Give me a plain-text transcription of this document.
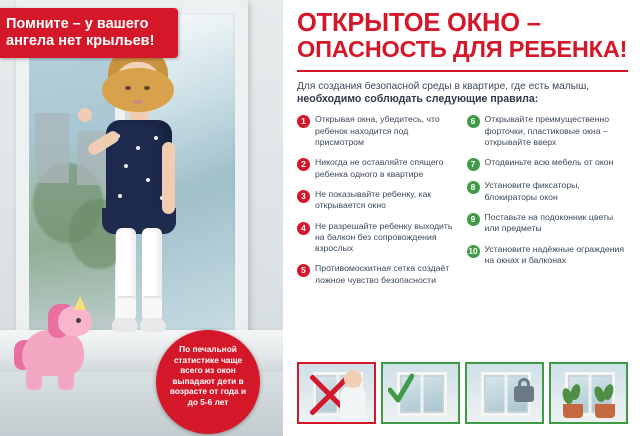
Помните – у вашего ангела нет крыльев!
По печальной статистике чаще всего из окон выпадают дети в возрасте от года и до 5-6 лет
ОТКРЫТОЕ ОКНО –
ОПАСНОСТЬ ДЛЯ РЕБЕНКА!
Для создания безопасной среды в квартире, где есть малыш,
необходимо соблюдать следующие правила:
1	Открывая окна, убедитесь, что ребенок находится под присмотром
2	Никогда не оставляйте спящего ребенка одного в квартире
3	Не показывайте ребенку, как открывается окно
4	Не разрешайте ребенку выходить на балкон без сопровождения взрослых
5	Противомоскитная сетка создаёт ложное чувство безопасности
6	Открывайте преимущественно форточки, пластиковые окна – открывайте вверх
7	Отодвиньте всю мебель от окон
8	Установите фиксаторы, блокираторы окон
9	Поставьте на подоконник цветы или предметы
10 Установите надёжные ограждения на окнах и балконах
